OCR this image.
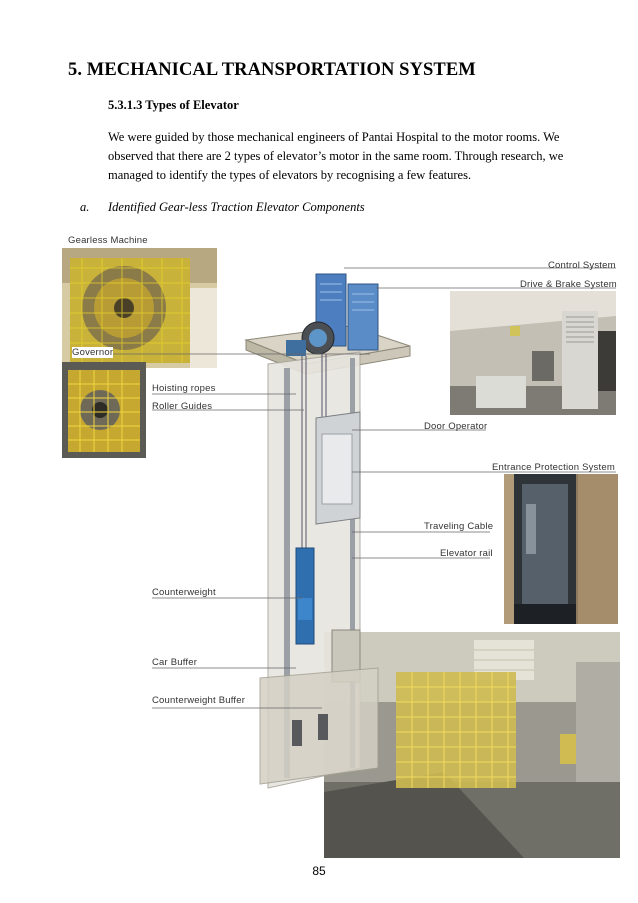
5. MECHANICAL TRANSPORTATION SYSTEM
5.3.1.3 Types of Elevator
We were guided by those mechanical engineers of Pantai Hospital to the motor rooms. We observed that there are 2 types of elevator’s motor in the same room. Through research, we managed to identify the types of elevators by recognising a few features.
a. Identified Gear-less Traction Elevator Components
Gearless Machine
Governor
Hoisting ropes
Roller Guides
Counterweight
Car Buffer
Counterweight Buffer
Control System
Drive & Brake System
Door Operator
Entrance Protection System
Traveling Cable
Elevator rail
85
